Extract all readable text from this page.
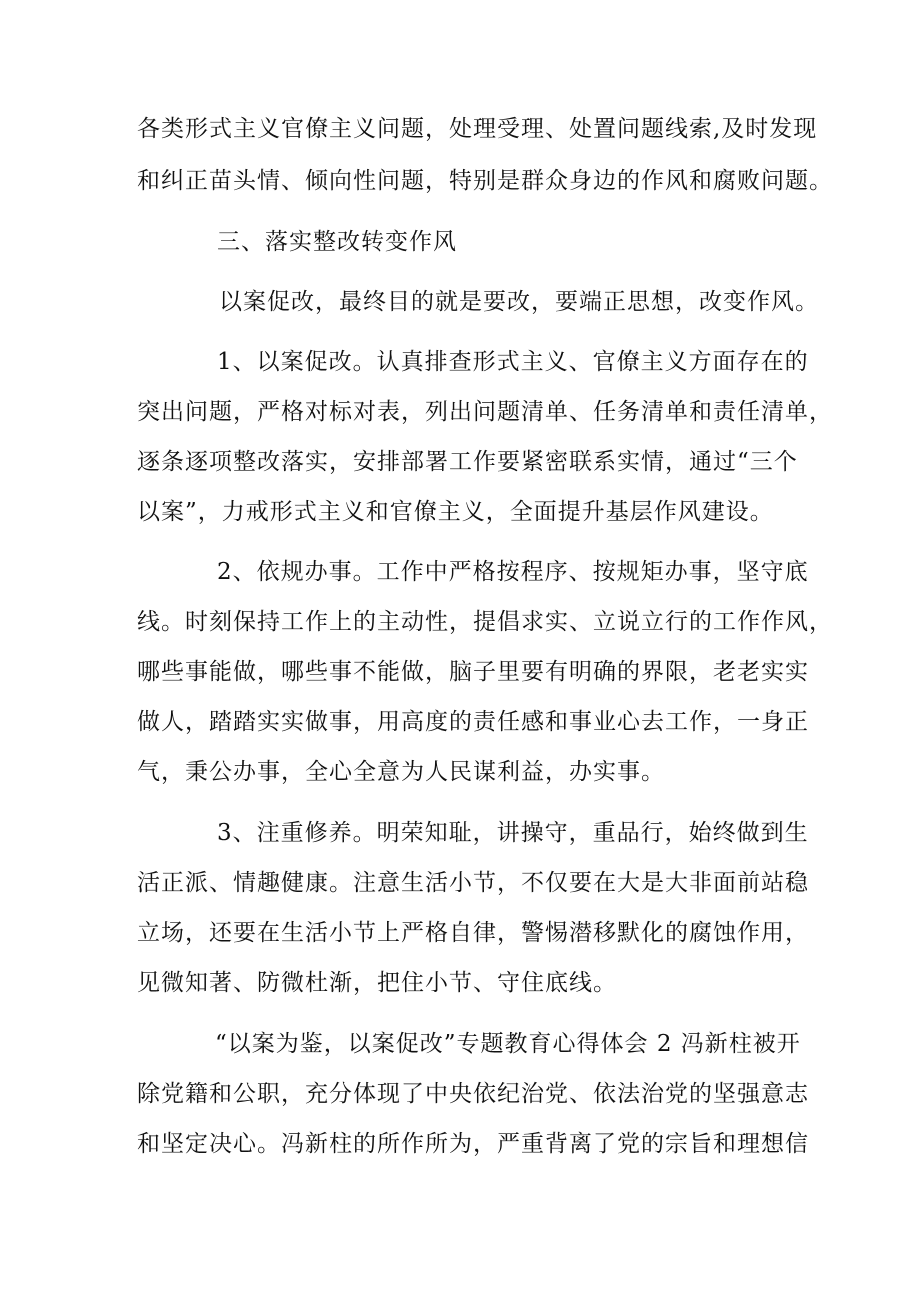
各类形式主义官僚主义问题，处理受理、处置问题线索,及时发现
和纠正苗头情、倾向性问题，特别是群众身边的作风和腐败问题。
三、落实整改转变作风
以案促改，最终目的就是要改，要端正思想，改变作风。
1、以案促改。认真排查形式主义、官僚主义方面存在的
突出问题，严格对标对表，列出问题清单、任务清单和责任清单，
逐条逐项整改落实，安排部署工作要紧密联系实情，通过“三个
以案”，力戒形式主义和官僚主义，全面提升基层作风建设。
2、依规办事。工作中严格按程序、按规矩办事，坚守底
线。时刻保持工作上的主动性，提倡求实、立说立行的工作作风，
哪些事能做，哪些事不能做，脑子里要有明确的界限，老老实实
做人，踏踏实实做事，用高度的责任感和事业心去工作，一身正
气，秉公办事，全心全意为人民谋利益，办实事。
3、注重修养。明荣知耻，讲操守，重品行，始终做到生
活正派、情趣健康。注意生活小节，不仅要在大是大非面前站稳
立场，还要在生活小节上严格自律，警惕潜移默化的腐蚀作用，
见微知著、防微杜渐，把住小节、守住底线。
“以案为鉴，以案促改”专题教育心得体会 2 冯新柱被开
除党籍和公职，充分体现了中央依纪治党、依法治党的坚强意志
和坚定决心。冯新柱的所作所为，严重背离了党的宗旨和理想信
